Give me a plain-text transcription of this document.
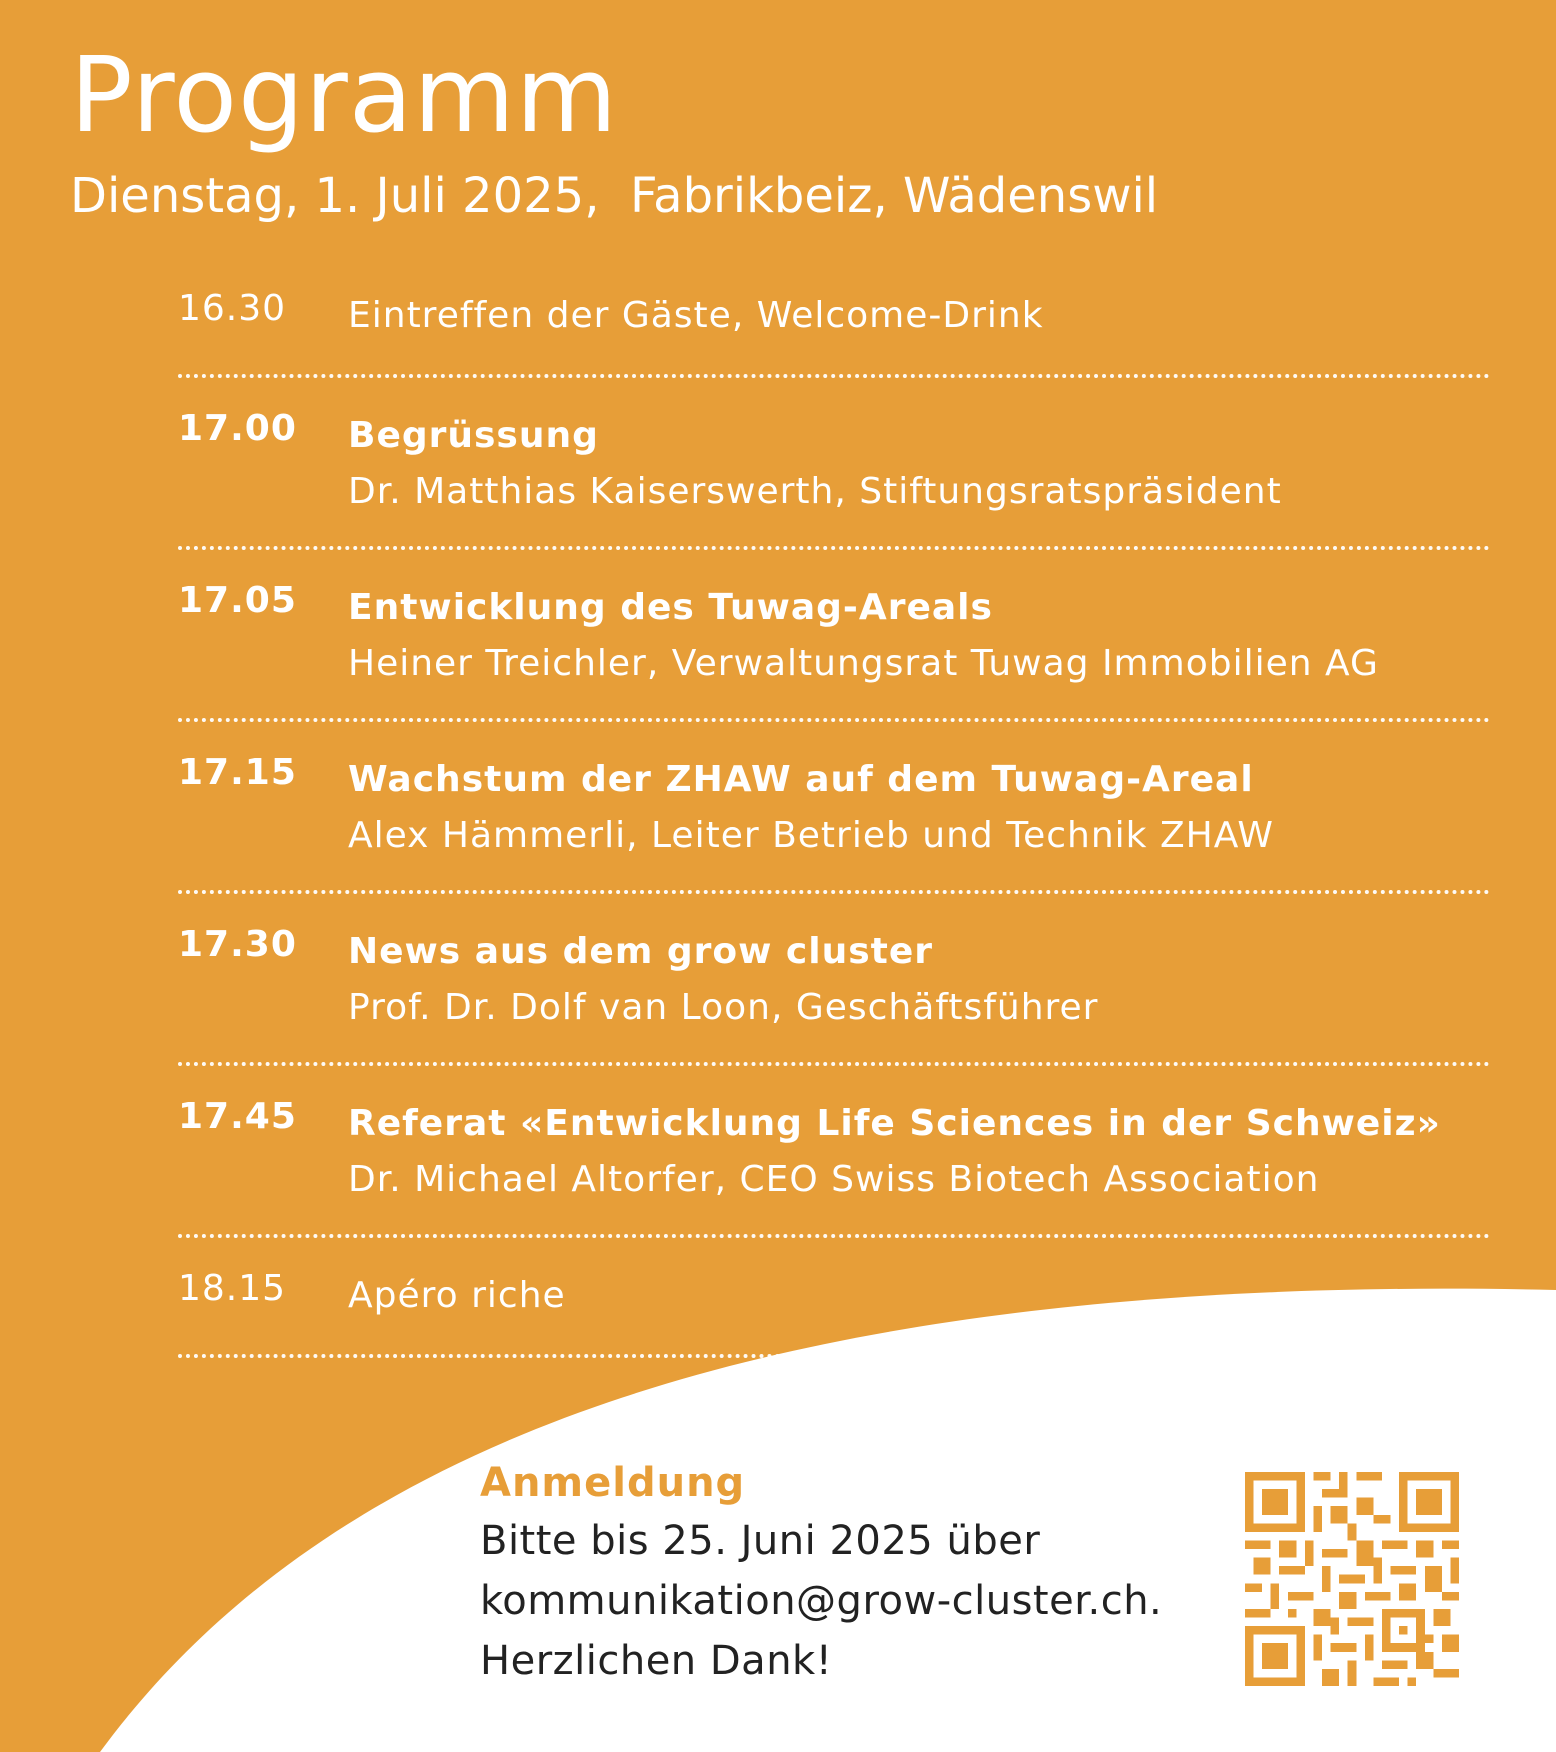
Programm

Dienstag, 1. Juli 2025,  Fabrikbeiz, Wädenswil

16.30 Eintreffen der Gäste, Welcome-Drink
17.00 Begrüssung
Dr. Matthias Kaiserswerth, Stiftungsratspräsident
17.05 Entwicklung des Tuwag-Areals
Heiner Treichler, Verwaltungsrat Tuwag Immobilien AG
17.15 Wachstum der ZHAW auf dem Tuwag-Areal
Alex Hämmerli, Leiter Betrieb und Technik ZHAW
17.30 News aus dem grow cluster
Prof. Dr. Dolf van Loon, Geschäftsführer
17.45 Referat «Entwicklung Life Sciences in der Schweiz»
Dr. Michael Altorfer, CEO Swiss Biotech Association
18.15 Apéro riche
Anmeldung
Bitte bis 25. Juni 2025 über
kommunikation@grow-cluster.ch.
Herzlichen Dank!
